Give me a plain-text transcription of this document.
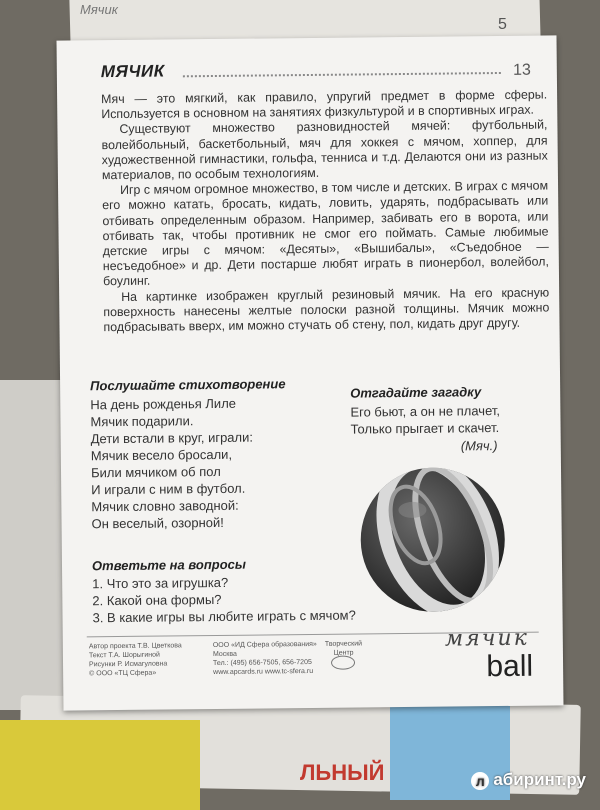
Мячик
5
ЛЬНЫЙ
МЯЧИК	13

Мяч — это мягкий, как правило, упругий предмет в форме сферы. Используется в основном на занятиях физкультурой и в спортивных играх.

Существуют множество разновидностей мячей: футбольный, волейбольный, баскетбольный, мяч для хоккея с мячом, хоппер, для художественной гимнастики, гольфа, тенниса и т.д. Делаются они из разных материалов, по особым технологиям.

Игр с мячом огромное множество, в том числе и детских. В играх с мячом его можно катать, бросать, кидать, ловить, ударять, подбрасывать или отбивать определенным образом. Например, забивать его в ворота, или отбивать так, чтобы противник не смог его поймать. Самые любимые детские игры с мячом: «Десяты», «Вышибалы», «Съедобное — несъедобное» и др. Дети постарше любят играть в пионербол, волейбол, боулинг.

На картинке изображен круглый резиновый мячик. На его красную поверхность нанесены желтые полоски разной толщины. Мячик можно подбрасывать вверх, им можно стучать об стену, пол, кидать друг другу.

Послушайте стихотворение
На день рожденья Лиле
Мячик подарили.
Дети встали в круг, играли:
Мячик весело бросали,
Били мячиком об пол
И играли с ним в футбол.
Мячик словно заводной:
Он веселый, озорной!
Отгадайте загадку
Его бьют, а он не плачет,
Только прыгает и скачет.
(Мяч.)
Ответьте на вопросы
1. Что это за игрушка?
2. Какой она формы?
3. В какие игры вы любите играть с мячом?
Автор проекта Т.В. Цветкова
Текст Т.А. Шорыгиной
Рисунки Р. Исмагуловна
© ООО «ТЦ Сфера»
ООО «ИД Сфера образования»
Москва
Тел.: (495) 656-7505, 656-7205
www.apcards.ru www.tc-sfera.ru
Творческий
Центр
мячик
ball
л абиринт.ру
